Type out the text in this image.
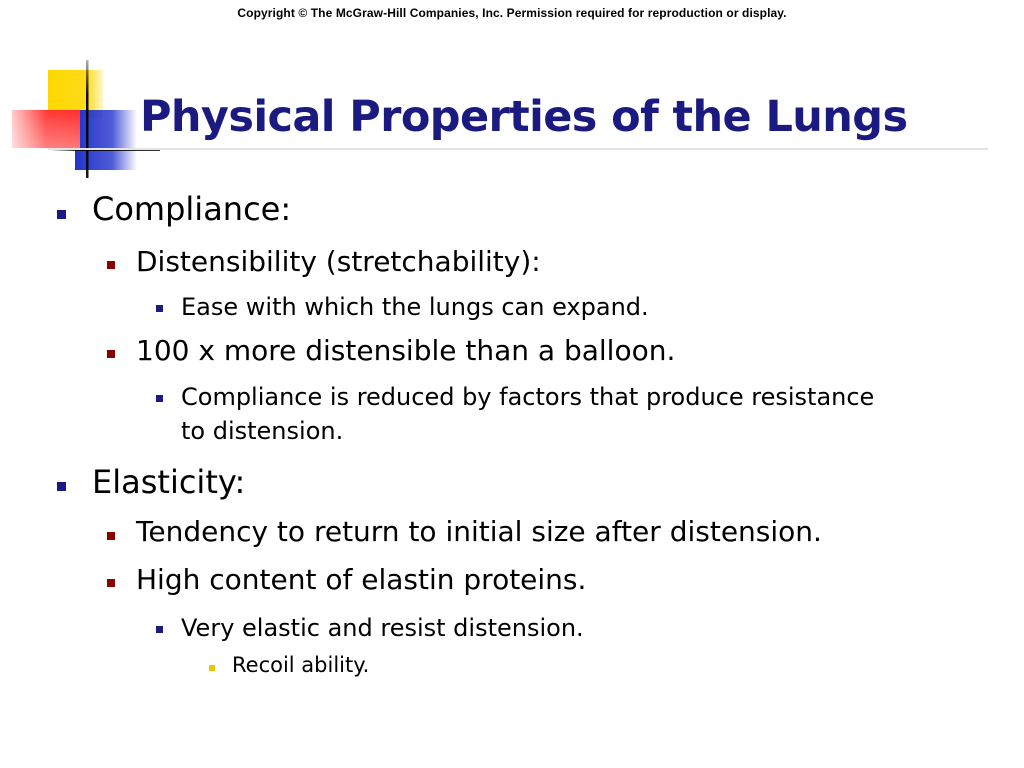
Copyright © The McGraw-Hill Companies, Inc. Permission required for reproduction or display.
Physical Properties of the Lungs
Compliance:
Distensibility (stretchability):
Ease with which the lungs can expand.
100 x more distensible than a balloon.
Compliance is reduced by factors that produce resistance to distension.
Elasticity:
Tendency to return to initial size after distension.
High content of elastin proteins.
Very elastic and resist distension.
Recoil ability.
